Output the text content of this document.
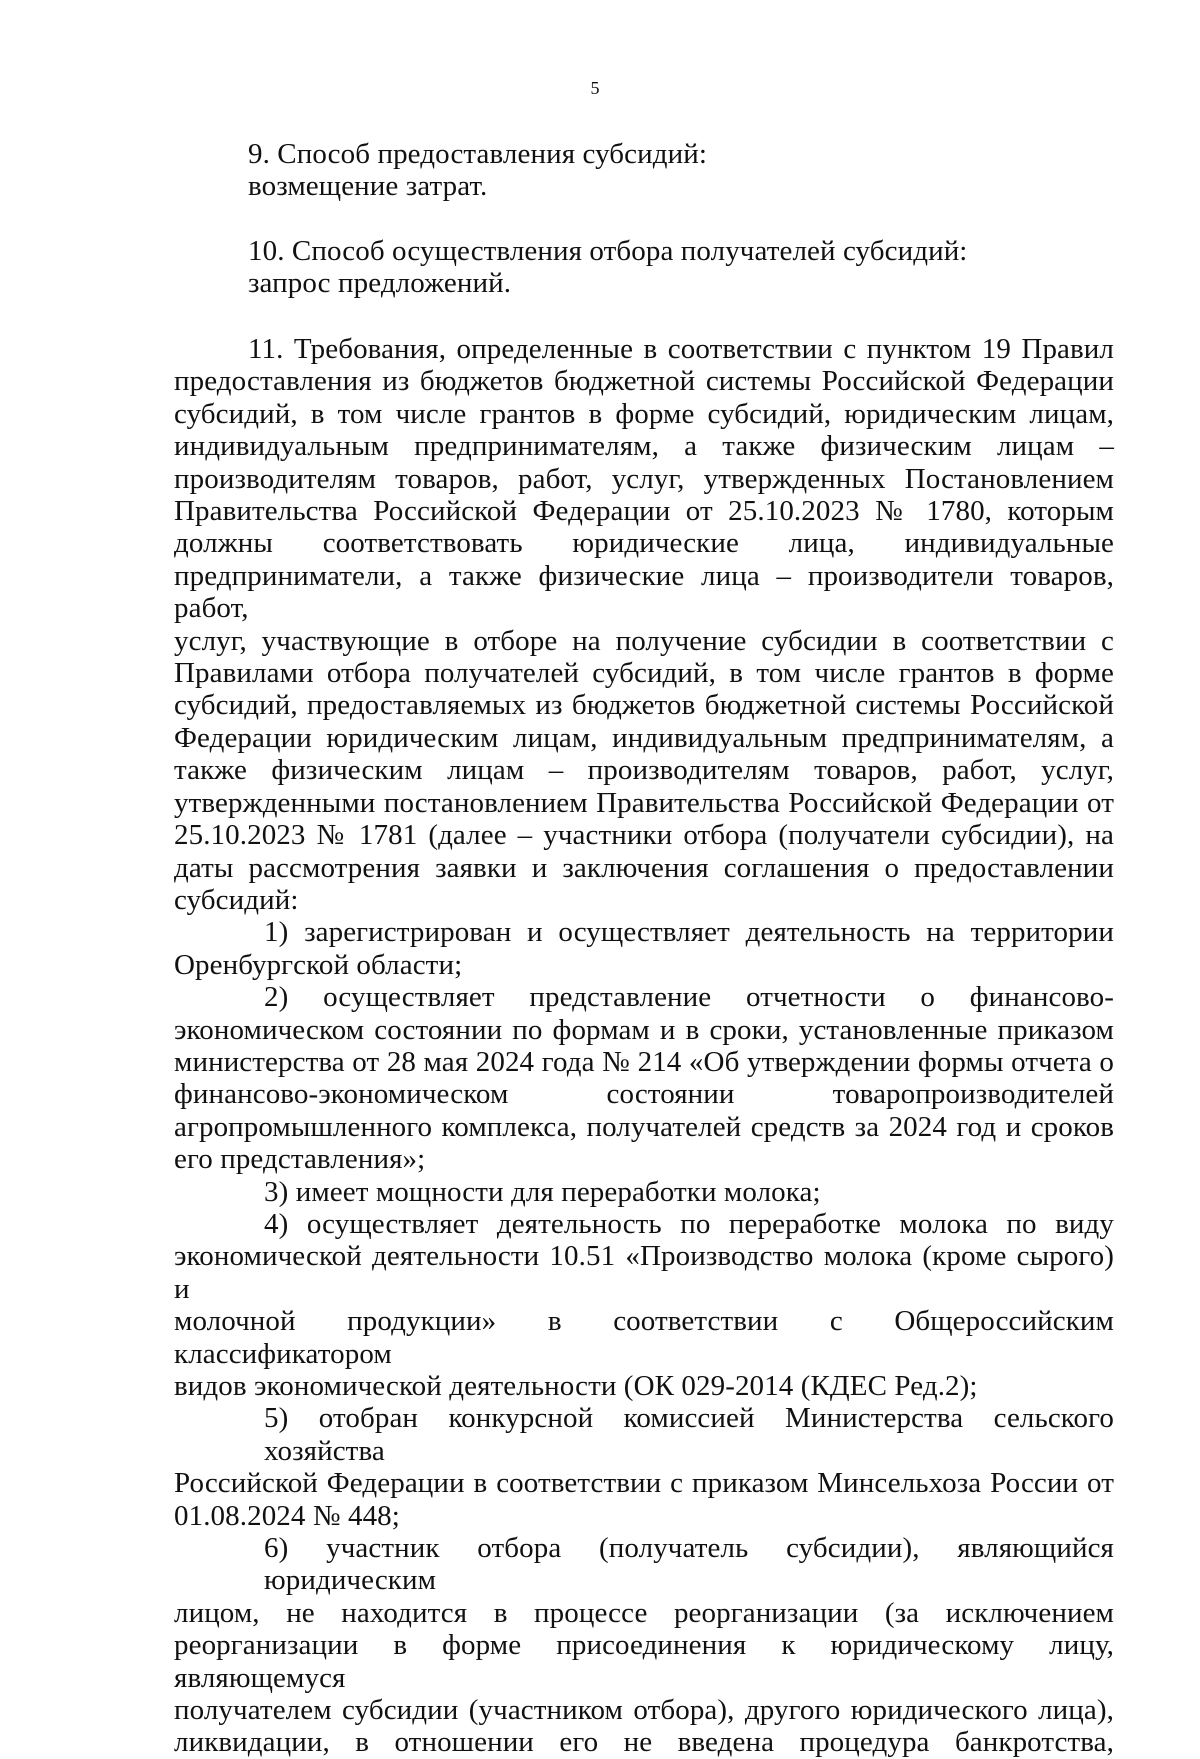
5
9. Способ предоставления субсидий:
возмещение затрат.
10. Способ осуществления отбора получателей субсидий:
запрос предложений.
11. Требования, определенные в соответствии с пунктом 19 Правил
предоставления из бюджетов бюджетной системы Российской Федерации
субсидий, в том числе грантов в форме субсидий, юридическим лицам,
индивидуальным предпринимателям, а также физическим лицам –
производителям товаров, работ, услуг, утвержденных Постановлением
Правительства Российской Федерации от 25.10.2023 № 1780, которым
должны соответствовать юридические лица, индивидуальные
предприниматели, а также физические лица – производители товаров, работ,
услуг, участвующие в отборе на получение субсидии в соответствии с
Правилами отбора получателей субсидий, в том числе грантов в форме
субсидий, предоставляемых из бюджетов бюджетной системы Российской
Федерации юридическим лицам, индивидуальным предпринимателям, а
также физическим лицам – производителям товаров, работ, услуг,
утвержденными постановлением Правительства Российской Федерации от
25.10.2023 № 1781 (далее – участники отбора (получатели субсидии), на
даты рассмотрения заявки и заключения соглашения о предоставлении
субсидий:
1) зарегистрирован и осуществляет деятельность на территории
Оренбургской области;
2) осуществляет представление отчетности о финансово-
экономическом состоянии по формам и в сроки, установленные приказом
министерства от 28 мая 2024 года № 214 «Об утверждении формы отчета о
финансово-экономическом состоянии товаропроизводителей
агропромышленного комплекса, получателей средств за 2024 год и сроков
его представления»;
3) имеет мощности для переработки молока;
4) осуществляет деятельность по переработке молока по виду
экономической деятельности 10.51 «Производство молока (кроме сырого) и
молочной продукции» в соответствии с Общероссийским классификатором
видов экономической деятельности (ОК 029-2014 (КДЕС Ред.2);
5) отобран конкурсной комиссией Министерства сельского хозяйства
Российской Федерации в соответствии с приказом Минсельхоза России от
01.08.2024 № 448;
6) участник отбора (получатель субсидии), являющийся юридическим
лицом, не находится в процессе реорганизации (за исключением
реорганизации в форме присоединения к юридическому лицу, являющемуся
получателем субсидии (участником отбора), другого юридического лица),
ликвидации, в отношении его не введена процедура банкротства,
